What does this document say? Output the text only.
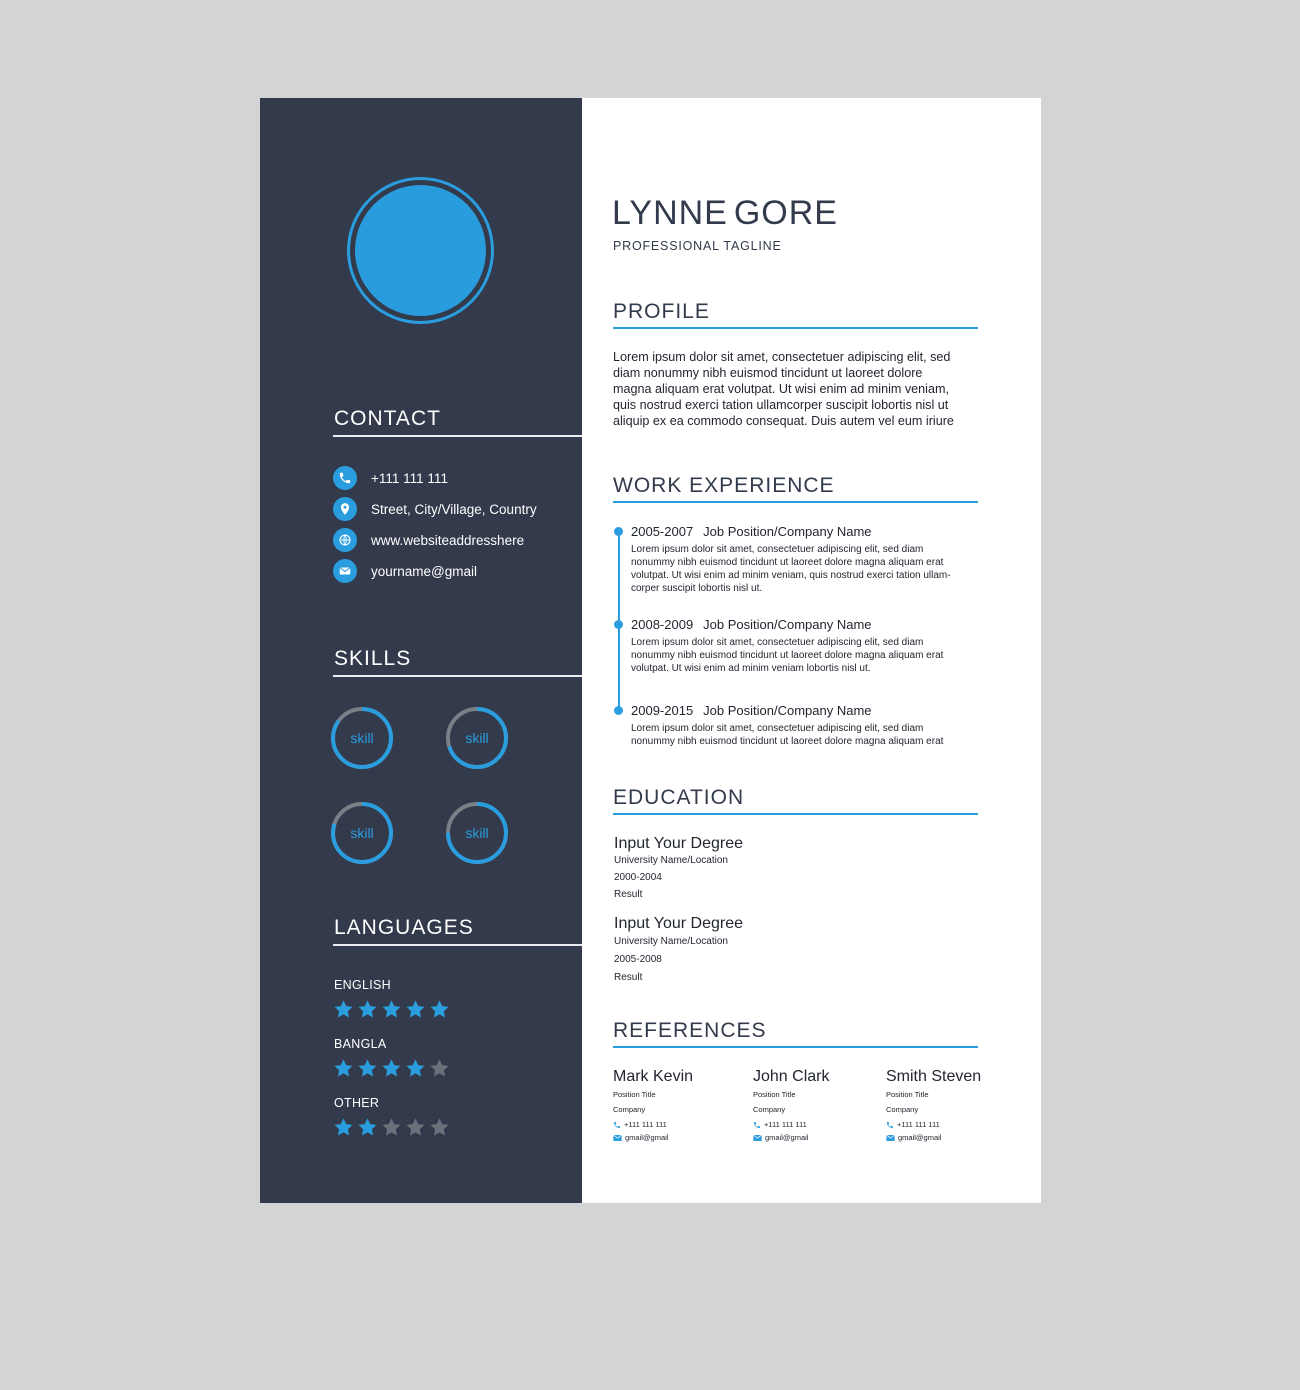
CONTACT
+111 111 111
Street, City/Village, Country
www.websiteaddresshere
yourname@gmail
SKILLS
skill	skill
skill	skill
LANGUAGES
ENGLISH
BANGLA
OTHER
LYNNE GORE
PROFESSIONAL TAGLINE
PROFILE
Lorem ipsum dolor sit amet, consectetuer adipiscing elit, sed
diam nonummy nibh euismod tincidunt ut laoreet dolore
magna aliquam erat volutpat. Ut wisi enim ad minim veniam,
quis nostrud exerci tation ullamcorper suscipit lobortis nisl ut
aliquip ex ea commodo consequat. Duis autem vel eum iriure
WORK EXPERIENCE
2005-2007 Job Position/Company Name
Lorem ipsum dolor sit amet, consectetuer adipiscing elit, sed diam
nonummy nibh euismod tincidunt ut laoreet dolore magna aliquam erat
volutpat. Ut wisi enim ad minim veniam, quis nostrud exerci tation ullam-
corper suscipit lobortis nisl ut.
2008-2009 Job Position/Company Name
Lorem ipsum dolor sit amet, consectetuer adipiscing elit, sed diam
nonummy nibh euismod tincidunt ut laoreet dolore magna aliquam erat
volutpat. Ut wisi enim ad minim veniam lobortis nisl ut.
2009-2015 Job Position/Company Name
Lorem ipsum dolor sit amet, consectetuer adipiscing elit, sed diam
nonummy nibh euismod tincidunt ut laoreet dolore magna aliquam erat
EDUCATION
Input Your Degree
University Name/Location
2000-2004
Result
Input Your Degree
University Name/Location
2005-2008
Result
REFERENCES
Mark Kevin
Position Title
Company
+111 111 111
gmail@gmail
John Clark
Position Title
Company
+111 111 111
gmail@gmail
Smith Steven
Position Title
Company
+111 111 111
gmail@gmail
